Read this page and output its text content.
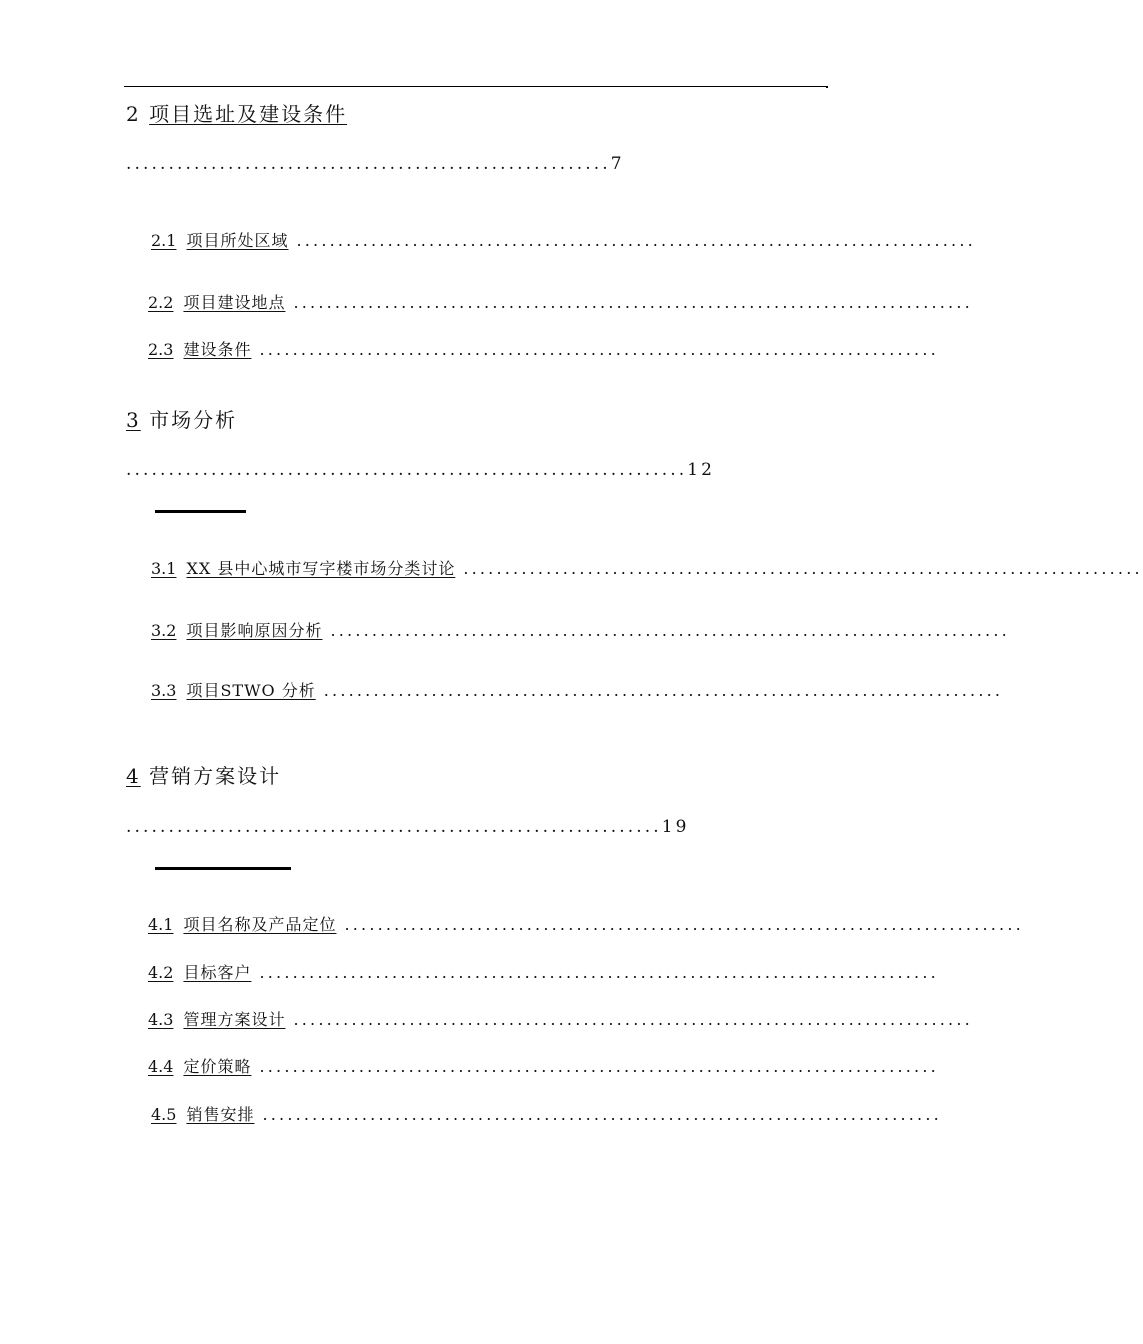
2 项目选址及建设条件
.........................................................7
2.1 项目所处区域 ..................................................................................
2.2 项目建设地点 ..................................................................................
2.3 建设条件 ..................................................................................
3 市场分析
..................................................................12
3.1 XX 县中心城市写字楼市场分类讨论 ..................................................................................
3.2 项目影响原因分析 ..................................................................................
3.3 项目STWO 分析 ..................................................................................
4 营销方案设计
...............................................................19
4.1 项目名称及产品定位 ..................................................................................
4.2 目标客户 ..................................................................................
4.3 管理方案设计 ..................................................................................
4.4 定价策略 ..................................................................................
4.5 销售安排 ..................................................................................
